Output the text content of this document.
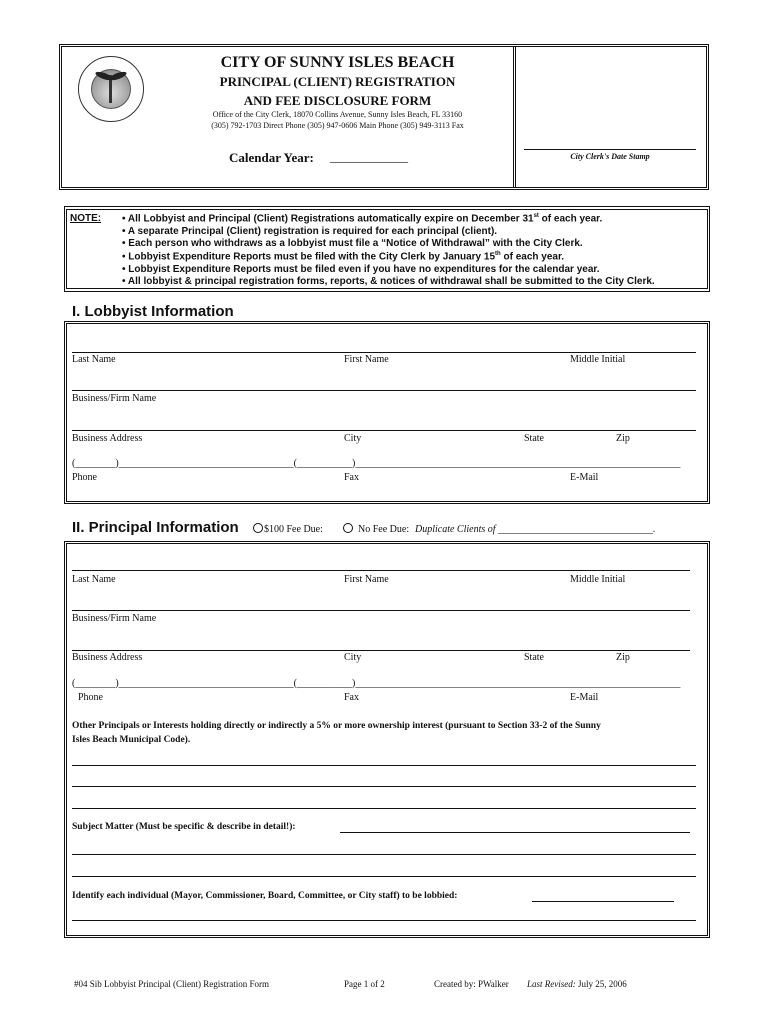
CITY OF SUNNY ISLES BEACH
PRINCIPAL (CLIENT) REGISTRATION
AND FEE DISCLOSURE FORM
Office of the City Clerk, 18070 Collins Avenue, Sunny Isles Beach, FL 33160
(305) 792-1703 Direct Phone (305) 947-0606 Main Phone (305) 949-3113 Fax
Calendar Year: ____________	City Clerk's Date Stamp
NOTE: • All Lobbyist and Principal (Client) Registrations automatically expire on December 31st of each year.
• A separate Principal (Client) registration is required for each principal (client).
• Each person who withdraws as a lobbyist must file a “Notice of Withdrawal” with the City Clerk.
• Lobbyist Expenditure Reports must be filed with the City Clerk by January 15th of each year.
• Lobbyist Expenditure Reports must be filed even if you have no expenditures for the calendar year.
• All lobbyist & principal registration forms, reports, & notices of withdrawal shall be submitted to the City Clerk.
I. Lobbyist Information
Last Name	First Name	Middle Initial
Business/Firm Name
Business Address	City	State	Zip
(________)___________________________________(___________)_________________________________________________________________
Phone	Fax	E-Mail
II. Principal Information	$100 Fee Due:	No Fee Due: Duplicate Clients of _______________________________.
Last Name	First Name	Middle Initial
Business/Firm Name
Business Address	City	State	Zip
(________)___________________________________(___________)_________________________________________________________________
Phone	Fax	E-Mail
Other Principals or Interests holding directly or indirectly a 5% or more ownership interest (pursuant to Section 33-2 of the Sunny
Isles Beach Municipal Code).
Subject Matter (Must be specific & describe in detail!):
Identify each individual (Mayor, Commissioner, Board, Committee, or City staff) to be lobbied:
#04 Sib Lobbyist Principal (Client) Registration Form	Page 1 of 2	Created by: PWalker Last Revised: July 25, 2006
